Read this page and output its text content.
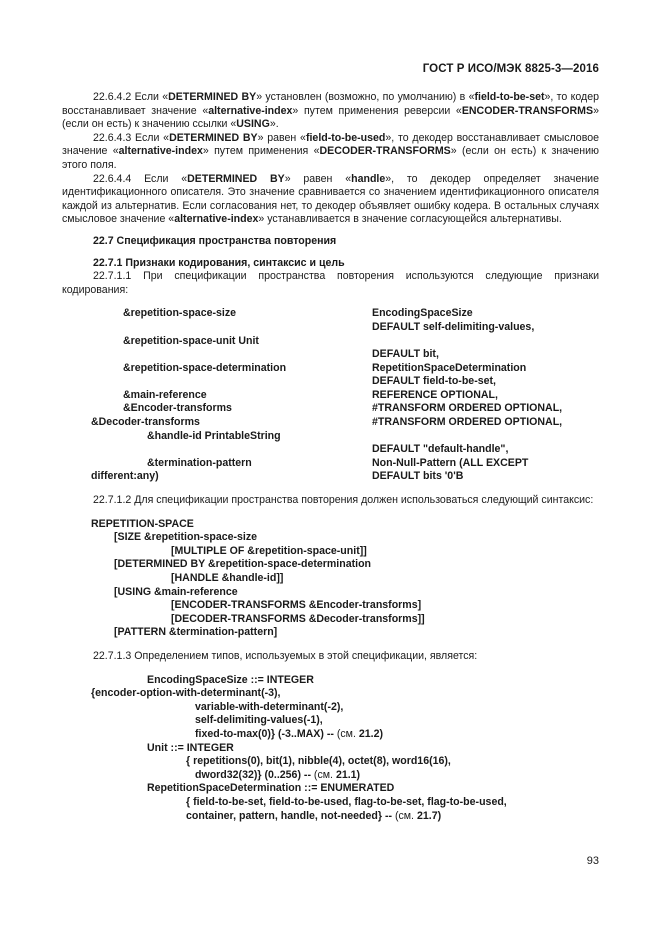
ГОСТ Р ИСО/МЭК 8825-3—2016

22.6.4.2 Если «DETERMINED BY» установлен (возможно, по умолчанию) в «field-to-be-set», то кодер восстанавливает значение «alternative-index» путем применения реверсии «ENCODER-TRANSFORMS» (если он есть) к значению ссылки «USING».

22.6.4.3 Если «DETERMINED BY» равен «field-to-be-used», то декодер восстанавливает смысловое значение «alternative-index» путем применения «DECODER-TRANSFORMS» (если он есть) к значению этого поля.

22.6.4.4 Если «DETERMINED BY» равен «handle», то декодер определяет значение идентификационного описателя. Это значение сравнивается со значением идентификационного описателя каждой из альтернатив. Если согласования нет, то декодер объявляет ошибку кодера. В остальных случаях смысловое значение «alternative-index» устанавливается в значение согласующейся альтернативы.

22.7 Спецификация пространства повторения

22.7.1 Признаки кодирования, синтаксис и цель

22.7.1.1 При спецификации пространства повторения используются следующие признаки кодирования:

&repetition-space-size	EncodingSpaceSize
DEFAULT self-delimiting-values,
&repetition-space-unit Unit
DEFAULT bit,
&repetition-space-determination	RepetitionSpaceDetermination
DEFAULT field-to-be-set,
&main-reference	REFERENCE OPTIONAL,
&Encoder-transforms	#TRANSFORM ORDERED OPTIONAL,
&Decoder-transforms	#TRANSFORM ORDERED OPTIONAL,
&handle-id PrintableString
DEFAULT "default-handle",
&termination-pattern	Non-Null-Pattern (ALL EXCEPT
different:any)	DEFAULT bits '0'B

22.7.1.2 Для спецификации пространства повторения должен использоваться следующий синтаксис:

REPETITION-SPACE
[SIZE &repetition-space-size
[MULTIPLE OF &repetition-space-unit]]
[DETERMINED BY &repetition-space-determination
[HANDLE &handle-id]]
[USING &main-reference
[ENCODER-TRANSFORMS &Encoder-transforms]
[DECODER-TRANSFORMS &Decoder-transforms]]
[PATTERN &termination-pattern]

22.7.1.3 Определением типов, используемых в этой спецификации, является:

EncodingSpaceSize ::= INTEGER
{encoder-option-with-determinant(-3),
variable-with-determinant(-2),
self-delimiting-values(-1),
fixed-to-max(0)} (-3..MAX) -- (см. 21.2)
Unit ::= INTEGER
{ repetitions(0), bit(1), nibble(4), octet(8), word16(16),
dword32(32)} (0..256) -- (см. 21.1)
RepetitionSpaceDetermination ::= ENUMERATED
{ field-to-be-set, field-to-be-used, flag-to-be-set, flag-to-be-used,
container, pattern, handle, not-needed} -- (см. 21.7)
93
